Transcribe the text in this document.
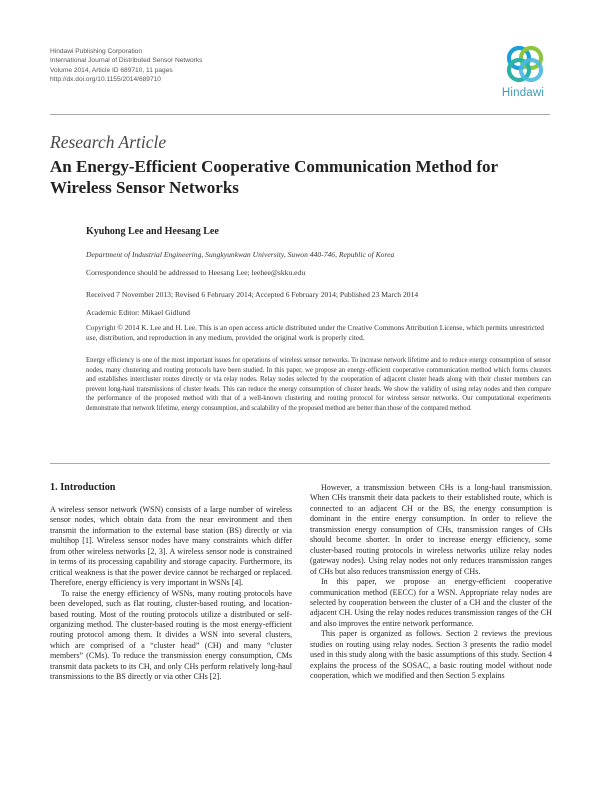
Hindawi Publishing Corporation
International Journal of Distributed Sensor Networks
Volume 2014, Article ID 689710, 11 pages
http://dx.doi.org/10.1155/2014/689710
Hindawi
Research Article
An Energy-Efficient Cooperative Communication Method for Wireless Sensor Networks
Kyuhong Lee and Heesang Lee
Department of Industrial Engineering, Sungkyunkwan University, Suwon 440-746, Republic of Korea
Correspondence should be addressed to Heesang Lee; leehee@skku.edu
Received 7 November 2013; Revised 6 February 2014; Accepted 6 February 2014; Published 23 March 2014
Academic Editor: Mikael Gidlund
Copyright © 2014 K. Lee and H. Lee. This is an open access article distributed under the Creative Commons Attribution License, which permits unrestricted use, distribution, and reproduction in any medium, provided the original work is properly cited.
Energy efficiency is one of the most important issues for operations of wireless sensor networks. To increase network lifetime and to reduce energy consumption of sensor nodes, many clustering and routing protocols have been studied. In this paper, we propose an energy-efficient cooperative communication method which forms clusters and establishes intercluster routes directly or via relay nodes. Relay nodes selected by the cooperation of adjacent cluster heads along with their cluster members can prevent long-haul transmissions of cluster heads. This can reduce the energy consumption of cluster heads. We show the validity of using relay nodes and then compare the performance of the proposed method with that of a well-known clustering and routing protocol for wireless sensor networks. Our computational experiments demonstrate that network lifetime, energy consumption, and scalability of the proposed method are better than those of the compared method.
1. Introduction

A wireless sensor network (WSN) consists of a large number of wireless sensor nodes, which obtain data from the near environment and then transmit the information to the external base station (BS) directly or via multihop [1]. Wireless sensor nodes have many constraints which differ from other wireless networks [2, 3]. A wireless sensor node is constrained in terms of its processing capability and storage capacity. Furthermore, its critical weakness is that the power device cannot be recharged or replaced. Therefore, energy efficiency is very important in WSNs [4].

To raise the energy efficiency of WSNs, many routing protocols have been developed, such as flat routing, cluster-based routing, and location-based routing. Most of the routing protocols utilize a distributed or self-organizing method. The cluster-based routing is the most energy-efficient routing protocol among them. It divides a WSN into several clusters, which are comprised of a “cluster head” (CH) and many “cluster members” (CMs). To reduce the transmission energy consumption, CMs transmit data packets to its CH, and only CHs perform relatively long-haul transmissions to the BS directly or via other CHs [2].

However, a transmission between CHs is a long-haul transmission. When CHs transmit their data packets to their established route, which is connected to an adjacent CH or the BS, the energy consumption is dominant in the entire energy consumption. In order to relieve the transmission energy consumption of CHs, transmission ranges of CHs should become shorter. In order to increase energy efficiency, some cluster-based routing protocols in wireless networks utilize relay nodes (gateway nodes). Using relay nodes not only reduces transmission ranges of CHs but also reduces transmission energy of CHs.

In this paper, we propose an energy-efficient cooperative communication method (EECC) for a WSN. Appropriate relay nodes are selected by cooperation between the cluster of a CH and the cluster of the adjacent CH. Using the relay nodes reduces transmission ranges of the CH and also improves the entire network performance.

This paper is organized as follows. Section 2 reviews the previous studies on routing using relay nodes. Section 3 presents the radio model used in this study along with the basic assumptions of this study. Section 4 explains the process of the SOSAC, a basic routing model without node cooperation, which we modified and then Section 5 explains
